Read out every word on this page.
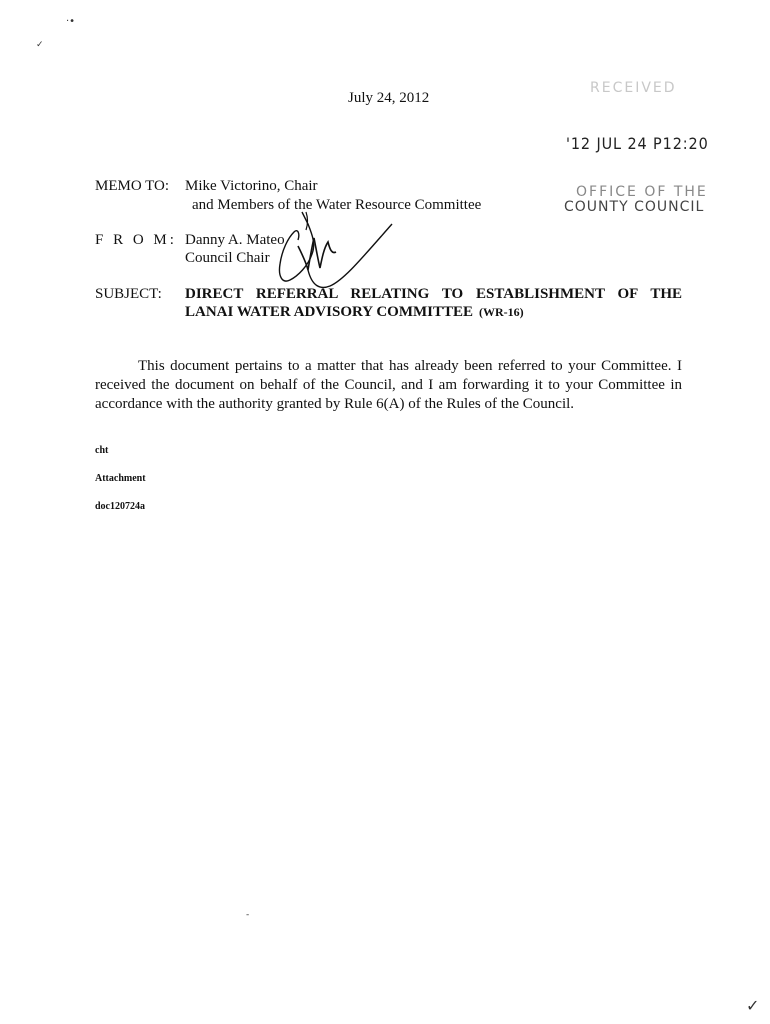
·•
✓
-
✓
July 24, 2012
RECEIVED
'12 JUL 24 P12:20
OFFICE OF THE
COUNTY COUNCIL
MEMO TO: Mike Victorino, Chair
and Members of the Water Resource Committee
F R O M: Danny A. Mateo
Council Chair
SUBJECT: DIRECT REFERRAL RELATING TO ESTABLISHMENT OF THE
LANAI WATER ADVISORY COMMITTEE (WR-16)
This document pertains to a matter that has already been referred to your Committee. I received the document on behalf of the Council, and I am forwarding it to your Committee in accordance with the authority granted by Rule 6(A) of the Rules of the Council.
cht
Attachment
doc120724a
